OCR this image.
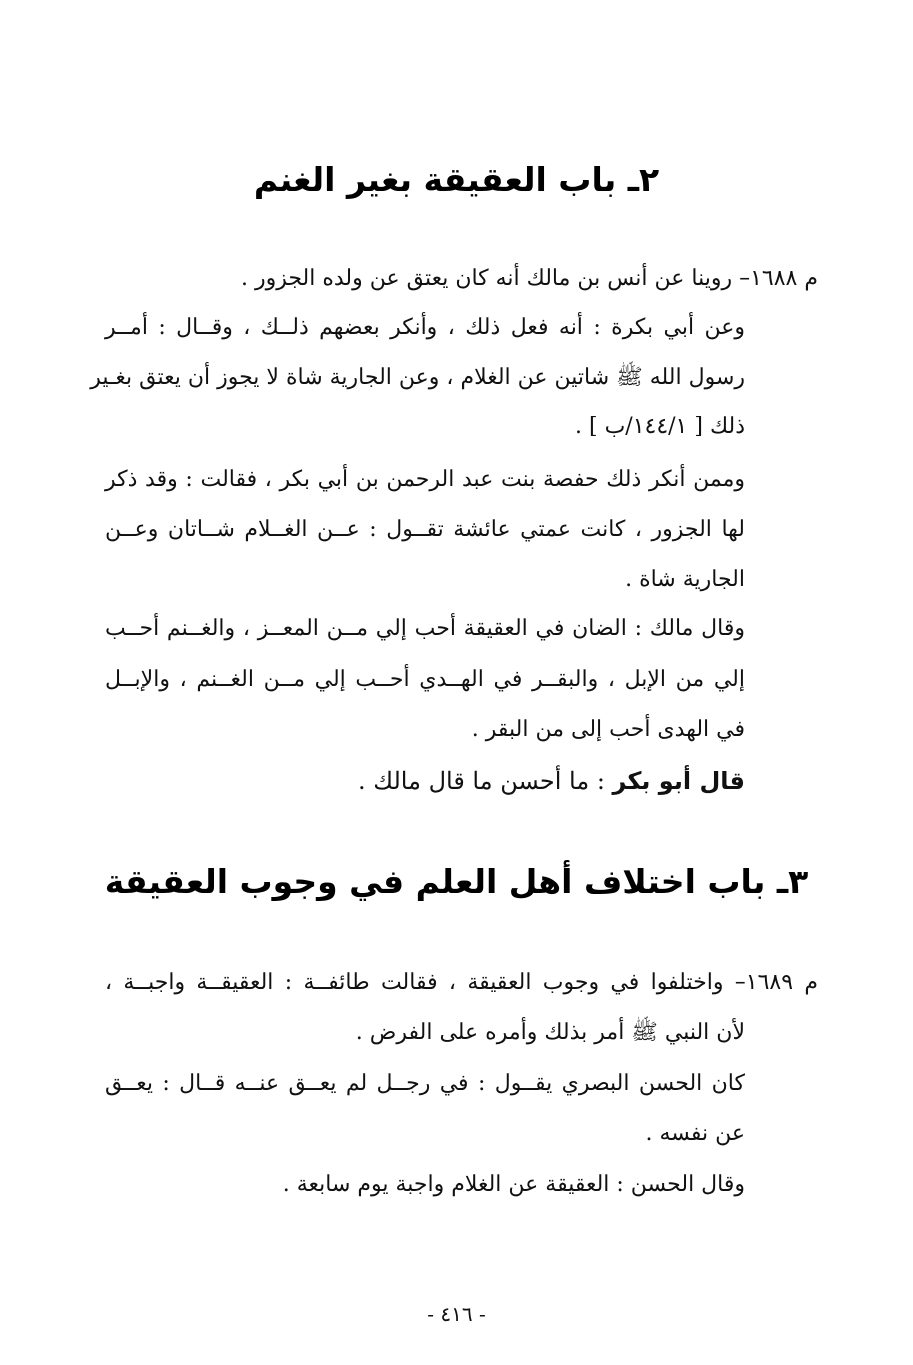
٢ـ باب العقيقة بغير الغنم
م ١٦٨٨– روينا عن أنس بن مالك أنه كان يعتق عن ولده الجزور .
وعن أبي بكرة : أنه فعل ذلك ، وأنكر بعضهم ذلــك ، وقــال : أمــر
رسول الله ﷺ شاتين عن الغلام ، وعن الجارية شاة لا يجوز أن يعتق بغـير
ذلك [ ١٤٤/١/ب ] .
وممن أنكر ذلك حفصة بنت عبد الرحمن بن أبي بكر ، فقالت : وقد ذكر
لها الجزور ، كانت عمتي عائشة تقــول : عــن الغــلام شــاتان وعــن
الجارية شاة .
وقال مالك : الضان في العقيقة أحب إلي مــن المعــز ، والغــنم أحــب
إلي من الإبل ، والبقــر في الهــدي أحــب إلي مــن الغــنم ، والإبــل
في الهدى أحب إلى من البقر .
قال أبو بكر : ما أحسن ما قال مالك .
٣ـ باب اختلاف أهل العلم في وجوب العقيقة
م ١٦٨٩– واختلفوا في وجوب العقيقة ، فقالت طائفــة : العقيقــة واجبــة ،
لأن النبي ﷺ أمر بذلك وأمره على الفرض .
كان الحسن البصري يقــول : في رجــل لم يعــق عنــه قــال : يعــق
عن نفسه .
وقال الحسن : العقيقة عن الغلام واجبة يوم سابعة .
- ٤١٦ -
